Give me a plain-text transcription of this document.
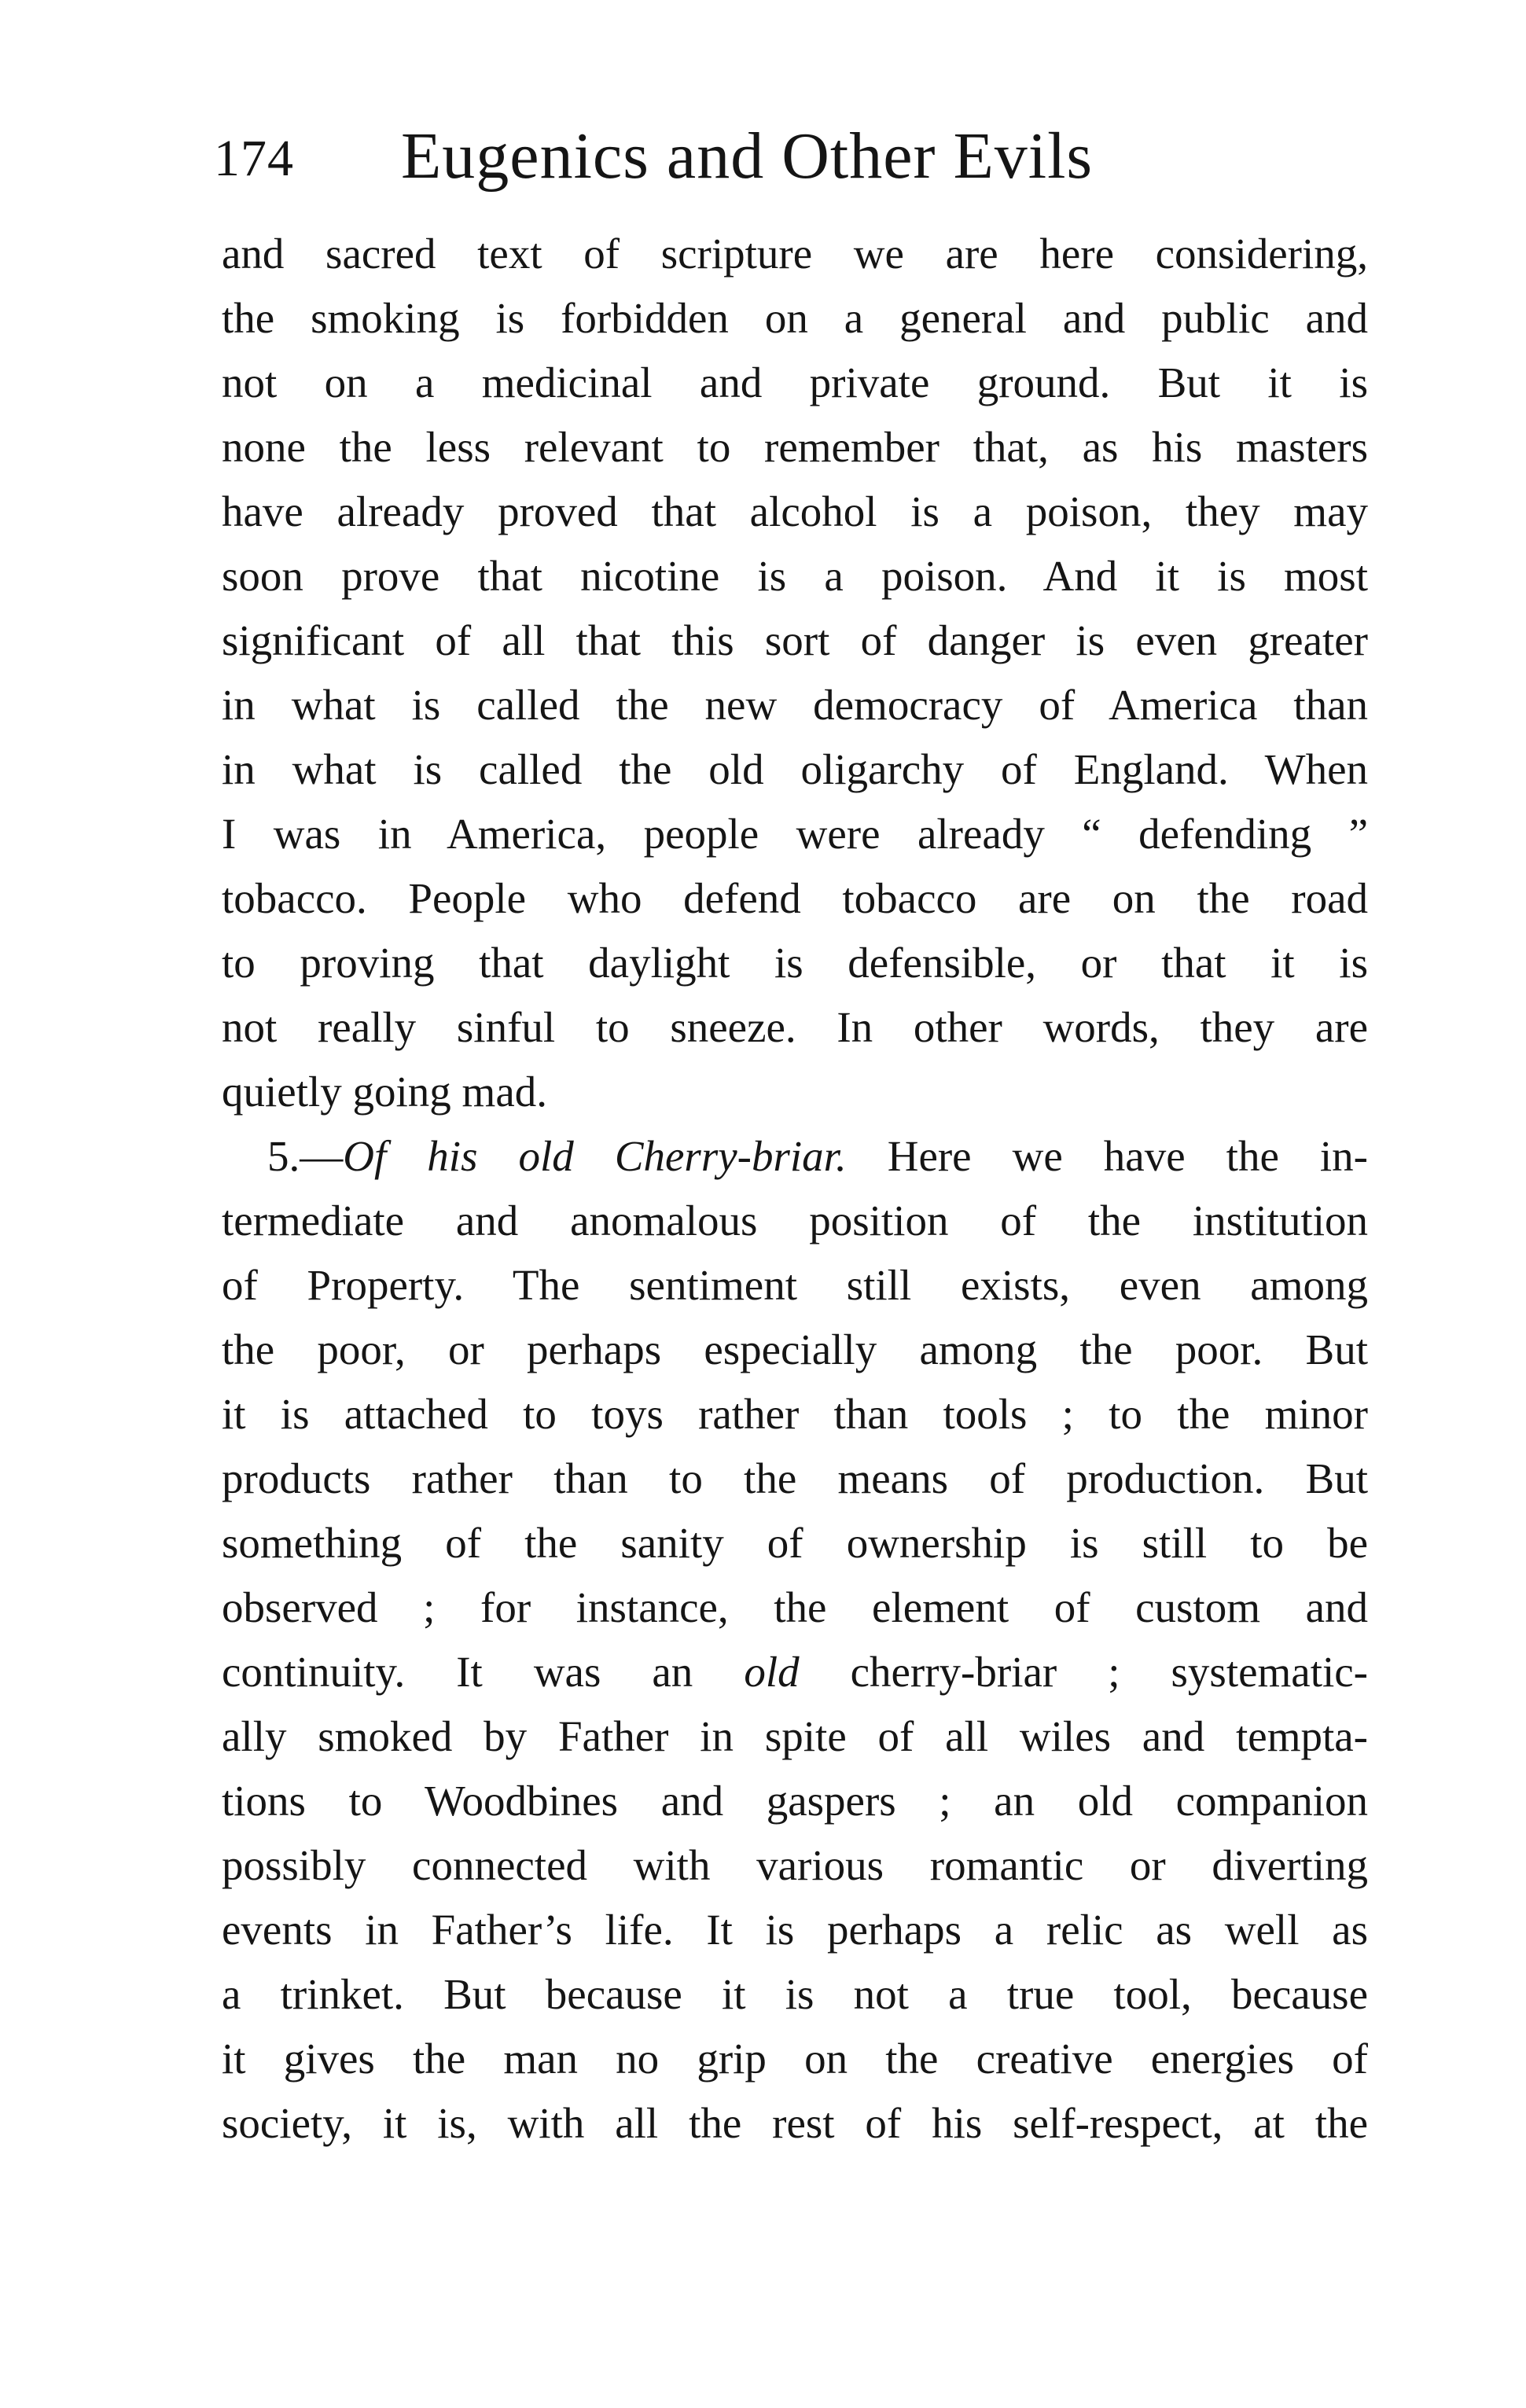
174 Eugenics and Other Evils
and sacred text of scripture we are here considering,
the smoking is forbidden on a general and public and
not on a medicinal and private ground. But it is
none the less relevant to remember that, as his masters
have already proved that alcohol is a poison, they may
soon prove that nicotine is a poison. And it is most
significant of all that this sort of danger is even greater
in what is called the new democracy of America than
in what is called the old oligarchy of England. When
I was in America, people were already “ defending ”
tobacco. People who defend tobacco are on the road
to proving that daylight is defensible, or that it is
not really sinful to sneeze. In other words, they are
quietly going mad.
5.—Of his old Cherry-briar. Here we have the in-
termediate and anomalous position of the institution
of Property. The sentiment still exists, even among
the poor, or perhaps especially among the poor. But
it is attached to toys rather than tools ; to the minor
products rather than to the means of production. But
something of the sanity of ownership is still to be
observed ; for instance, the element of custom and
continuity. It was an old cherry-briar ; systematic-
ally smoked by Father in spite of all wiles and tempta-
tions to Woodbines and gaspers ; an old companion
possibly connected with various romantic or diverting
events in Father’s life. It is perhaps a relic as well as
a trinket. But because it is not a true tool, because
it gives the man no grip on the creative energies of
society, it is, with all the rest of his self-respect, at the
